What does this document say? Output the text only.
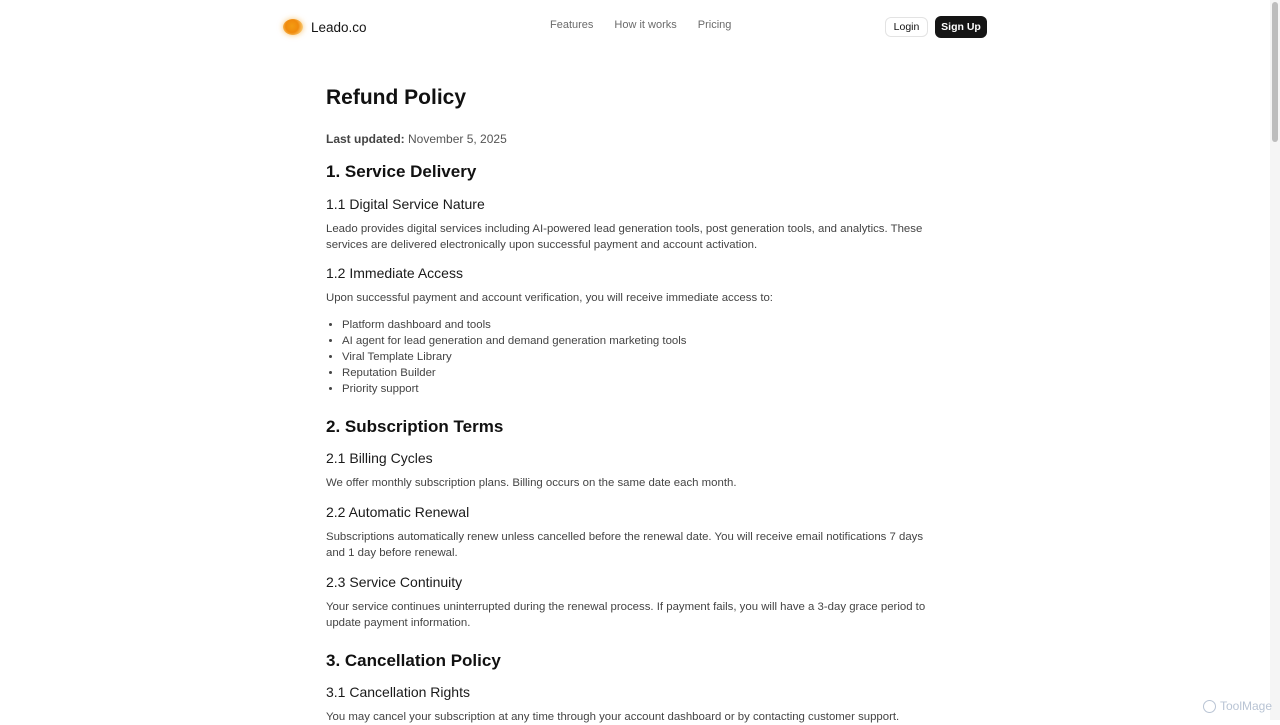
Leado.co	Features How it works Pricing	Login	Sign Up
Refund Policy
Last updated: November 5, 2025
1. Service Delivery
1.1 Digital Service Nature

Leado provides digital services including AI-powered lead generation tools, post generation tools, and analytics. These services are delivered electronically upon successful payment and account activation.

1.2 Immediate Access

Upon successful payment and account verification, you will receive immediate access to:

• Platform dashboard and tools
• AI agent for lead generation and demand generation marketing tools
• Viral Template Library
• Reputation Builder
• Priority support
2. Subscription Terms
2.1 Billing Cycles

We offer monthly subscription plans. Billing occurs on the same date each month.

2.2 Automatic Renewal

Subscriptions automatically renew unless cancelled before the renewal date. You will receive email notifications 7 days and 1 day before renewal.

2.3 Service Continuity

Your service continues uninterrupted during the renewal process. If payment fails, you will have a 3-day grace period to update payment information.

3. Cancellation Policy
3.1 Cancellation Rights

You may cancel your subscription at any time through your account dashboard or by contacting customer support.

ToolMage
